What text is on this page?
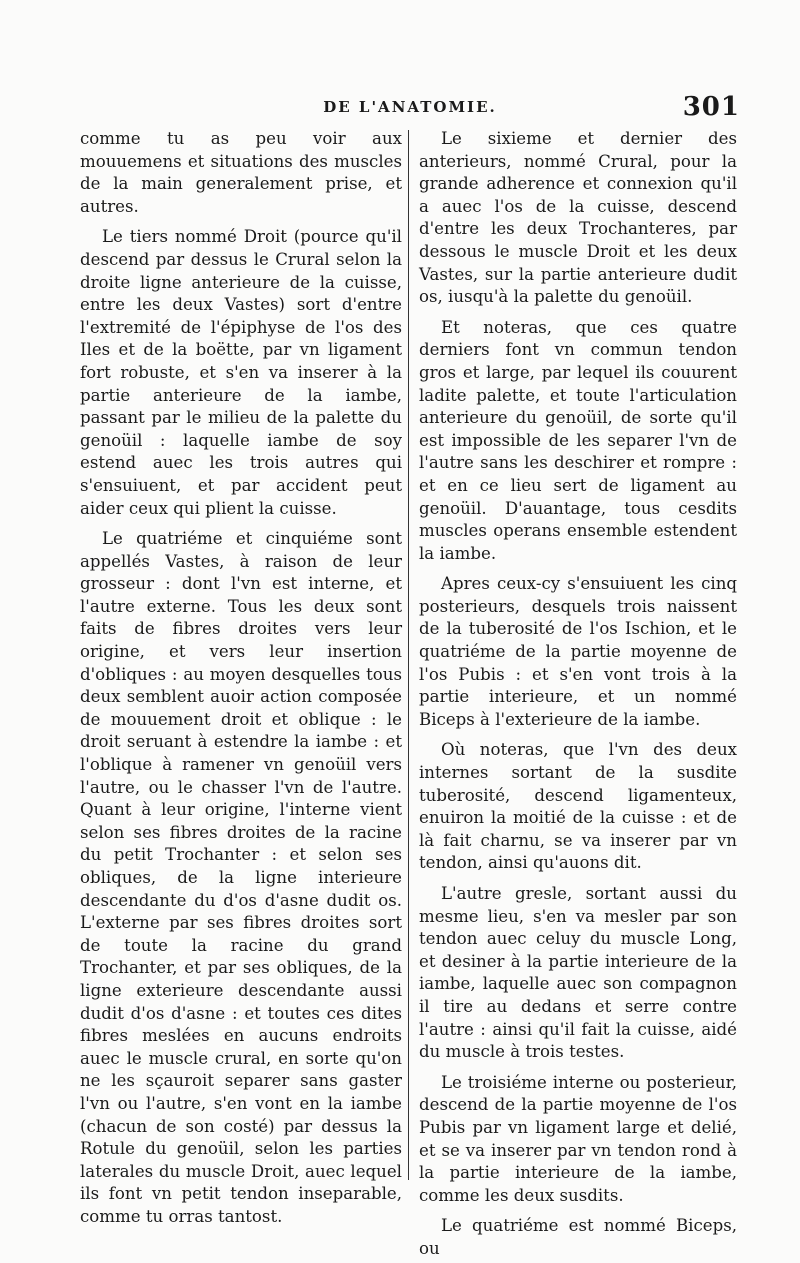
DE L'ANATOMIE.	301

comme tu as peu voir aux mouuemens et situations des muscles de la main generalement prise, et autres.

Le tiers nommé Droit (pource qu'il descend par dessus le Crural selon la droite ligne anterieure de la cuisse, entre les deux Vastes) sort d'entre l'extremité de l'épiphyse de l'os des Iles et de la boëtte, par vn ligament fort robuste, et s'en va inserer à la partie anterieure de la iambe, passant par le milieu de la palette du genoüil : laquelle iambe de soy estend auec les trois autres qui s'ensuiuent, et par accident peut aider ceux qui plient la cuisse.

Le quatriéme et cinquiéme sont appellés Vastes, à raison de leur grosseur : dont l'vn est interne, et l'autre externe. Tous les deux sont faits de fibres droites vers leur origine, et vers leur insertion d'obliques : au moyen desquelles tous deux semblent auoir action composée de mouuement droit et oblique : le droit seruant à estendre la iambe : et l'oblique à ramener vn genoüil vers l'autre, ou le chasser l'vn de l'autre. Quant à leur origine, l'interne vient selon ses fibres droites de la racine du petit Trochanter : et selon ses obliques, de la ligne interieure descendante du d'os d'asne dudit os. L'externe par ses fibres droites sort de toute la racine du grand Trochanter, et par ses obliques, de la ligne exterieure descendante aussi dudit d'os d'asne : et toutes ces dites fibres meslées en aucuns endroits auec le muscle crural, en sorte qu'on ne les sçauroit separer sans gaster l'vn ou l'autre, s'en vont en la iambe (chacun de son costé) par dessus la Rotule du genoüil, selon les parties laterales du muscle Droit, auec lequel ils font vn petit tendon inseparable, comme tu orras tantost.

Le sixieme et dernier des anterieurs, nommé Crural, pour la grande adherence et connexion qu'il a auec l'os de la cuisse, descend d'entre les deux Trochanteres, par dessous le muscle Droit et les deux Vastes, sur la partie anterieure dudit os, iusqu'à la palette du genoüil.

Et noteras, que ces quatre derniers font vn commun tendon gros et large, par lequel ils couurent ladite palette, et toute l'articulation anterieure du genoüil, de sorte qu'il est impossible de les separer l'vn de l'autre sans les deschirer et rompre : et en ce lieu sert de ligament au genoüil. D'auantage, tous cesdits muscles operans ensemble estendent la iambe.

Apres ceux-cy s'ensuiuent les cinq posterieurs, desquels trois naissent de la tuberosité de l'os Ischion, et le quatriéme de la partie moyenne de l'os Pubis : et s'en vont trois à la partie interieure, et un nommé Biceps à l'exterieure de la iambe.

Où noteras, que l'vn des deux internes sortant de la susdite tuberosité, descend ligamenteux, enuiron la moitié de la cuisse : et de là fait charnu, se va inserer par vn tendon, ainsi qu'auons dit.

L'autre gresle, sortant aussi du mesme lieu, s'en va mesler par son tendon auec celuy du muscle Long, et desiner à la partie interieure de la iambe, laquelle auec son compagnon il tire au dedans et serre contre l'autre : ainsi qu'il fait la cuisse, aidé du muscle à trois testes.

Le troisiéme interne ou posterieur, descend de la partie moyenne de l'os Pubis par vn ligament large et delié, et se va inserer par vn tendon rond à la partie interieure de la iambe, comme les deux susdits.

Le quatriéme est nommé Biceps, ou
